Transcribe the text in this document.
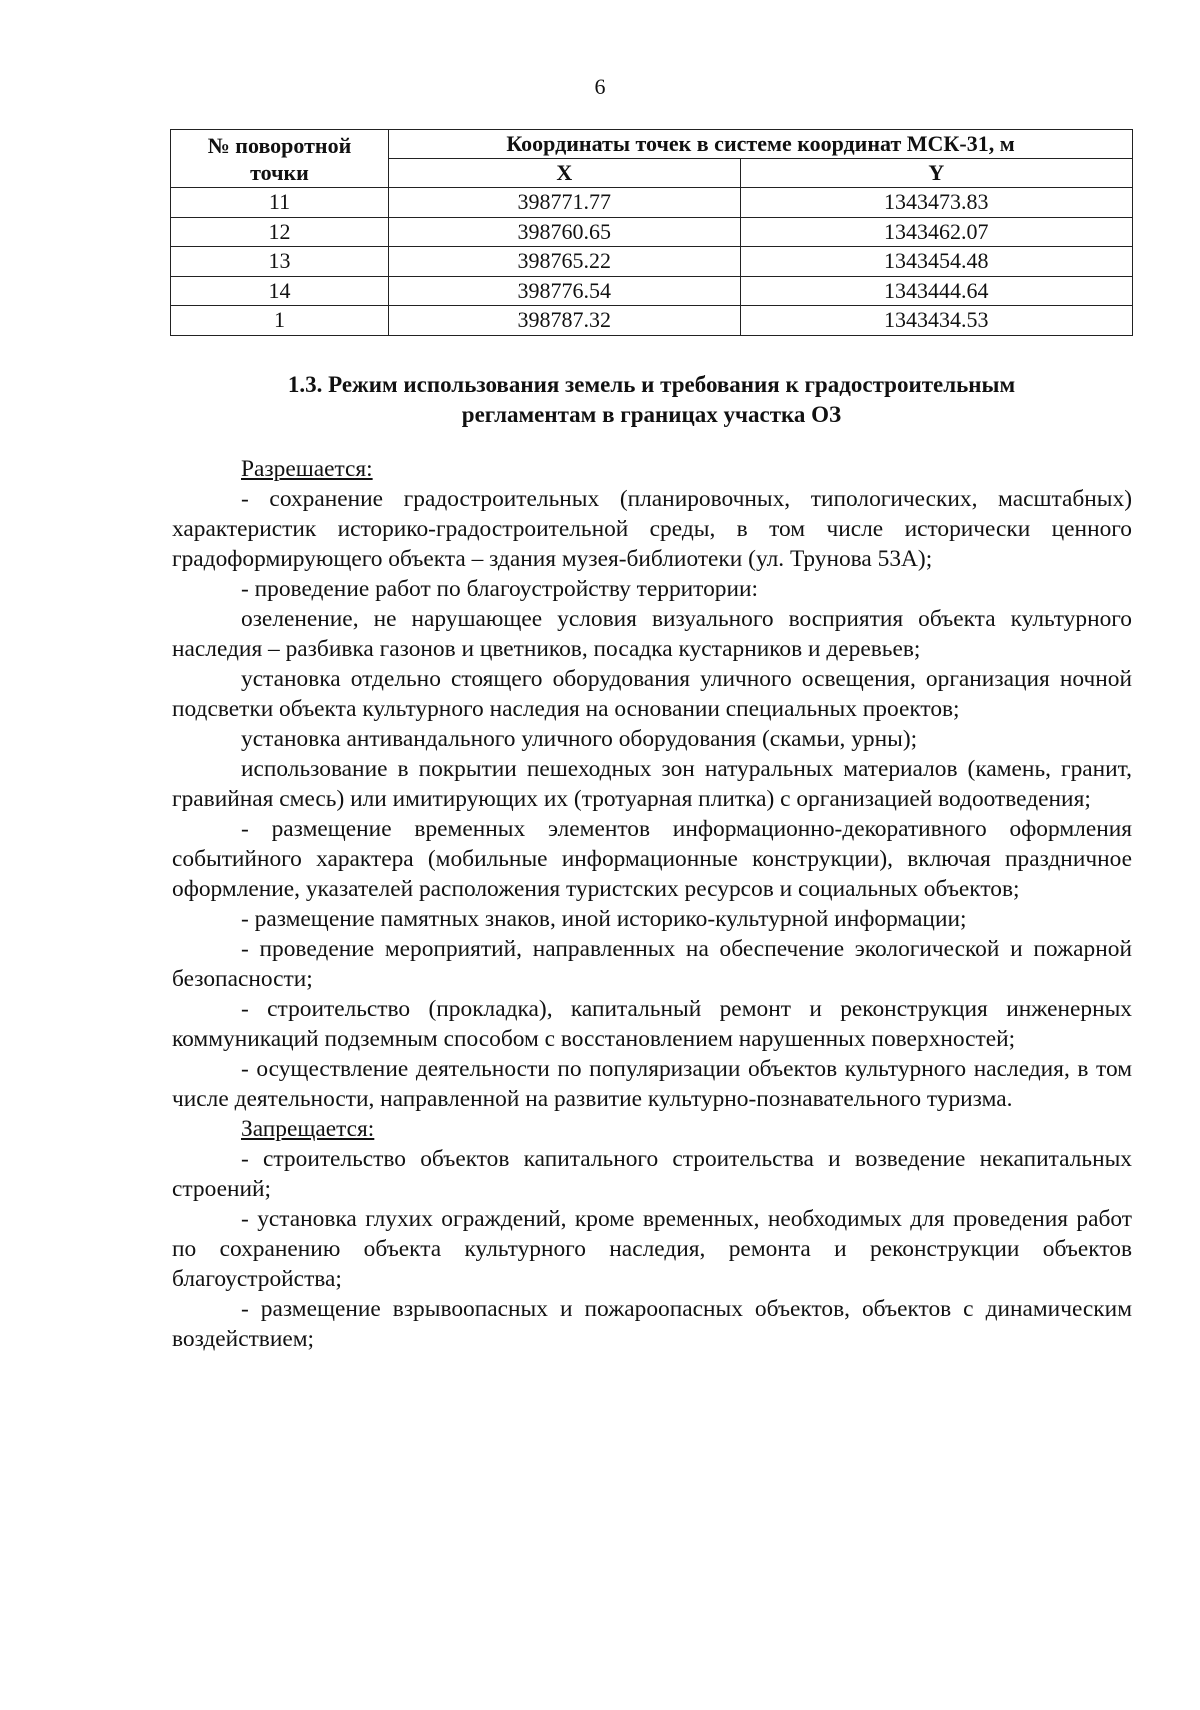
6
№ поворотной
точки	Координаты точек в системе координат МСК-31, м	
	X	Y
11	398771.77	1343473.83
12	398760.65	1343462.07
13	398765.22	1343454.48
14	398776.54	1343444.64
1	398787.32	1343434.53
1.3. Режим использования земель и требования к градостроительным
регламентам в границах участка ОЗ

Разрешается:

- сохранение градостроительных (планировочных, типологических, масштабных) характеристик историко-градостроительной среды, в том числе исторически ценного градоформирующего объекта – здания музея-библиотеки (ул. Трунова 53А);

- проведение работ по благоустройству территории:

озеленение, не нарушающее условия визуального восприятия объекта культурного наследия – разбивка газонов и цветников, посадка кустарников и деревьев;

установка отдельно стоящего оборудования уличного освещения, организация ночной подсветки объекта культурного наследия на основании специальных проектов;

установка антивандального уличного оборудования (скамьи, урны);

использование в покрытии пешеходных зон натуральных материалов (камень, гранит, гравийная смесь) или имитирующих их (тротуарная плитка) с организацией водоотведения;

- размещение временных элементов информационно-декоративного оформления событийного характера (мобильные информационные конструкции), включая праздничное оформление, указателей расположения туристских ресурсов и социальных объектов;

- размещение памятных знаков, иной историко-культурной информации;

- проведение мероприятий, направленных на обеспечение экологической и пожарной безопасности;

- строительство (прокладка), капитальный ремонт и реконструкция инженерных коммуникаций подземным способом с восстановлением нарушенных поверхностей;

- осуществление деятельности по популяризации объектов культурного наследия, в том числе деятельности, направленной на развитие культурно-познавательного туризма.

Запрещается:

- строительство объектов капитального строительства и возведение некапитальных строений;

- установка глухих ограждений, кроме временных, необходимых для проведения работ по сохранению объекта культурного наследия, ремонта и реконструкции объектов благоустройства;

- размещение взрывоопасных и пожароопасных объектов, объектов с динамическим воздействием;
